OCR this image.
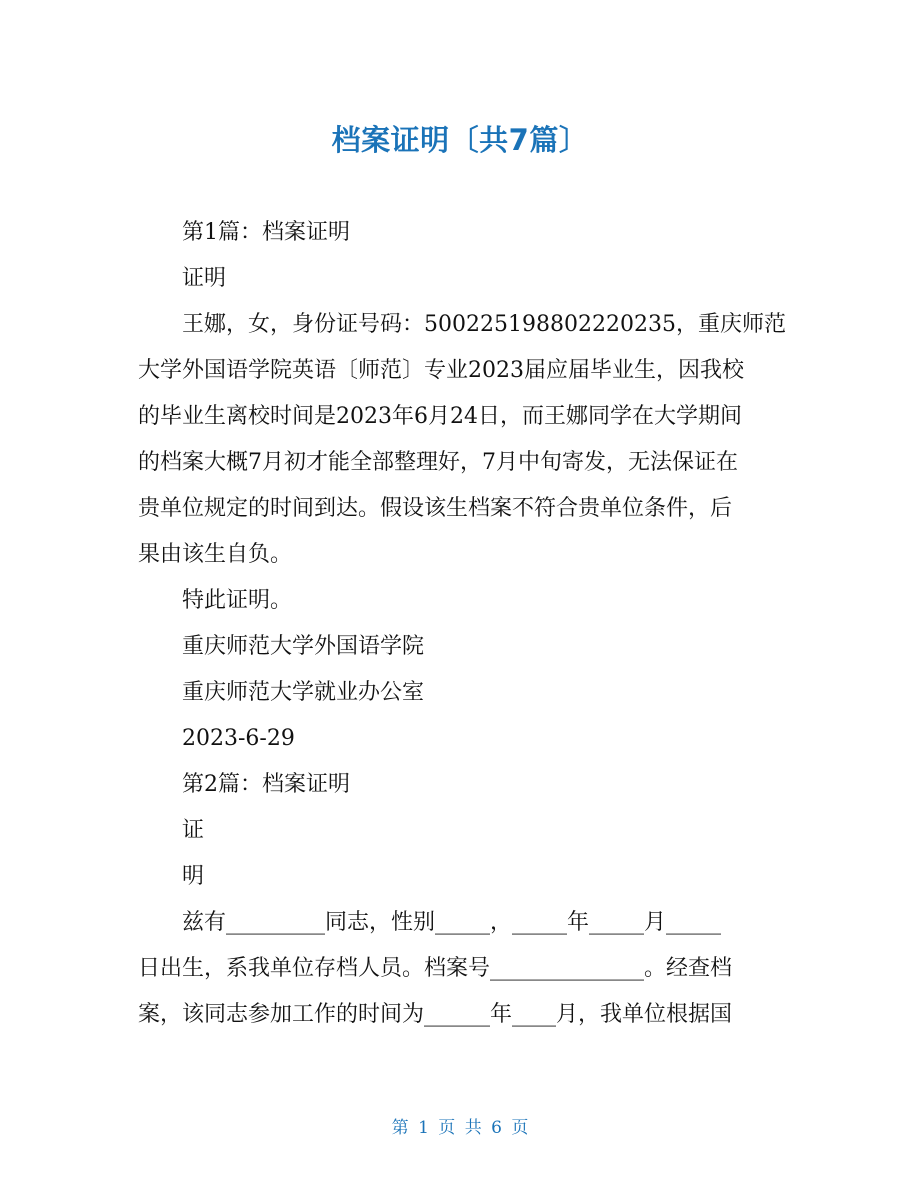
档案证明〔共7篇〕
第1篇：档案证明
证明
王娜，女，身份证号码：500225198802220235，重庆师范
大学外国语学院英语〔师范〕专业2023届应届毕业生，因我校
的毕业生离校时间是2023年6月24日，而王娜同学在大学期间
的档案大概7月初才能全部整理好，7月中旬寄发，无法保证在
贵单位规定的时间到达。假设该生档案不符合贵单位条件，后
果由该生自负。
特此证明。
重庆师范大学外国语学院
重庆师范大学就业办公室
2023-6-29
第2篇：档案证明
证
明
兹有_________同志，性别_____，_____年_____月_____
日出生，系我单位存档人员。档案号______________。经查档
案，该同志参加工作的时间为______年____月，我单位根据国
第 1 页 共 6 页
